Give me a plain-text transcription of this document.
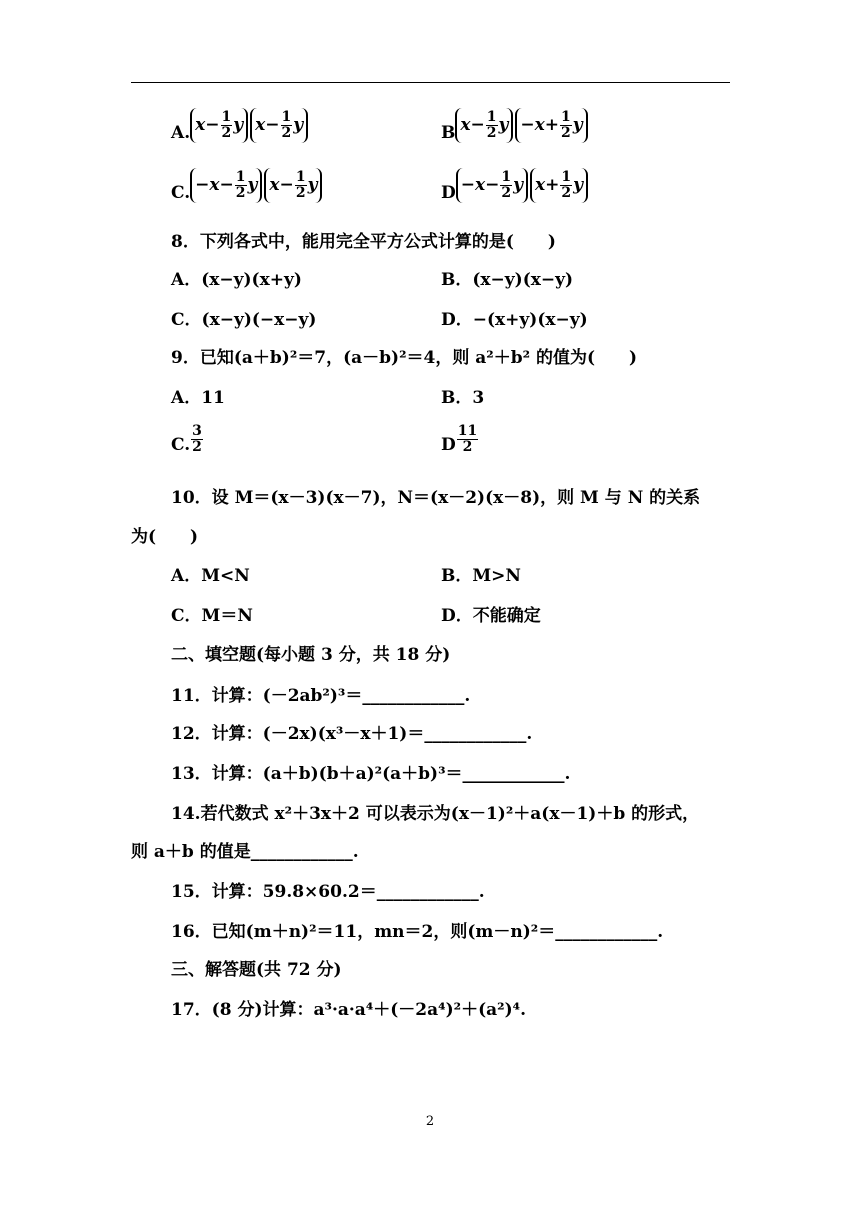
A. $x- \frac{1}{2}$ y $x- \frac{1}{2}$ y	B $x- \frac{1}{2}$ $y -x+ \frac{1}{2}$ y
C. $-x- \frac{1}{2}$ y $x- \frac{1}{2}$ y	$D -x- \frac{1}{2}$ y $x+ \frac{1}{2}$ y
8．下列各式中，能用完全平方公式计算的是(　　)
A．(x−y)(x+y)	B．(x−y)(x−y)
C．(x−y)(−x−y)	D．−(x+y)(x−y)
9．已知(a＋b)²＝7，(a－b)²＝4，则 a²＋b² 的值为(　　)
A．11	B．3
C. $\frac{3}{2}$	D $\frac{11}{2}$
10．设 M＝(x－3)(x－7)，N＝(x－2)(x－8)，则 M 与 N 的关系
为(　　)
A．M<N	B．M>N
C．M＝N	D．不能确定
二、填空题(每小题 3 分，共 18 分)
11．计算：(－2ab²)³＝____________.
12．计算：(－2x)(x³－x＋1)＝____________.
13．计算：(a＋b)(b＋a)²(a＋b)³＝____________.
14.若代数式 x²＋3x＋2 可以表示为(x－1)²＋a(x－1)＋b 的形式，
则 a＋b 的值是____________.
15．计算：59.8×60.2＝____________.
16．已知(m＋n)²＝11，mn＝2，则(m－n)²＝____________.
三、解答题(共 72 分)
17．(8 分)计算：a³·a·a⁴＋(－2a⁴)²＋(a²)⁴.
2
